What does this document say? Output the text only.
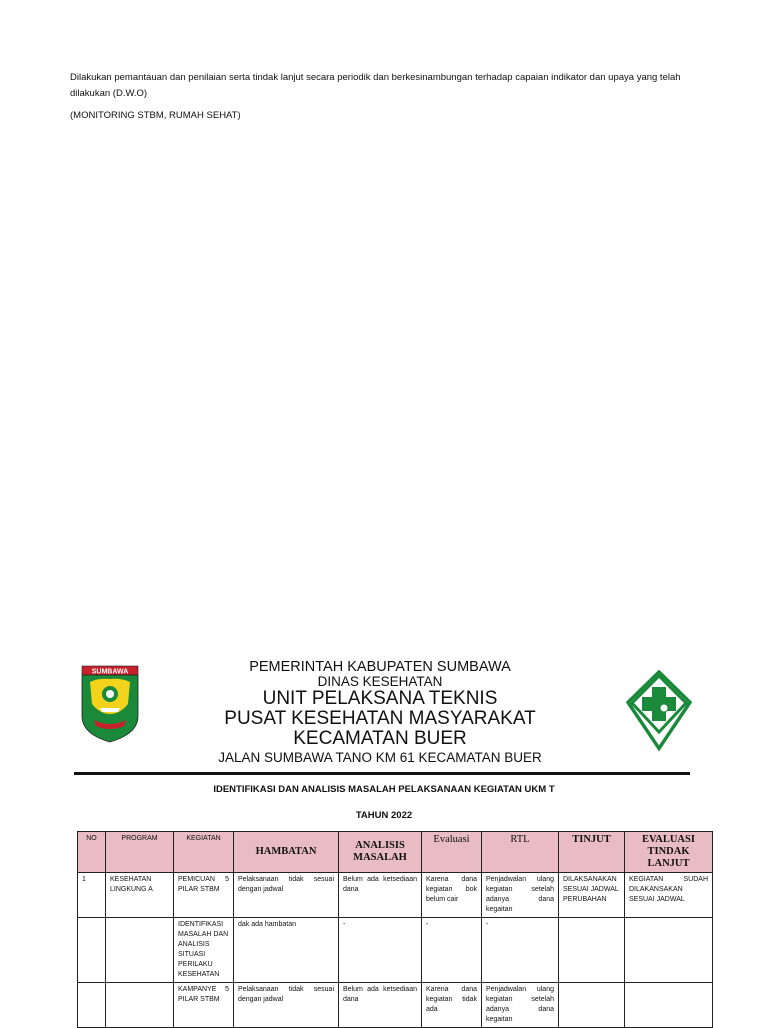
Dilakukan pemantauan dan penilaian serta tindak lanjut secara periodik dan berkesinambungan terhadap capaian indikator dan upaya yang telah dilakukan (D.W.O)

(MONITORING STBM, RUMAH SEHAT)

SUMBAWA	PEMERINTAH KABUPATEN SUMBAWA
DINAS KESEHATAN
UNIT PELAKSANA TEKNIS
PUSAT KESEHATAN MASYARAKAT
KECAMATAN BUER
JALAN SUMBAWA TANO KM 61 KECAMATAN BUER
IDENTIFIKASI DAN ANALISIS MASALAH PELAKSANAAN KEGIATAN UKM T
TAHUN 2022
NO	PROGRAM	KEGIATAN	HAMBATAN	ANALISIS MASALAH	Evaluasi	RTL	TINJUT	EVALUASI TINDAK LANJUT
1	KESEHATAN LINGKUNG A	PEMICUAN 5 PILAR STBM	Pelaksanaan tidak sesuai dengan jadwal	Belum ada ketsediaan dana	Karena dana kegiatan bok belum cair	Penjadwalan ulang kegiatan setelah adanya dana kegaitan	DILAKSANAKAN SESUAI JADWAL PERUBAHAN	KEGIATAN SUDAH DILAKANSAKAN SESUAI JADWAL
		IDENTIFIKASI MASALAH DAN ANALISIS SITUASI PERILAKU KESEHATAN	dak ada hambatan	-	-	-		
		KAMPANYE 5 PILAR STBM	Pelaksanaan tidak sesuai dengan jadwal	Belum ada ketsediaan dana	Karena dana kegiatan tidak ada	Penjadwalan ulang kegiatan setelah adanya dana kegaitan		
